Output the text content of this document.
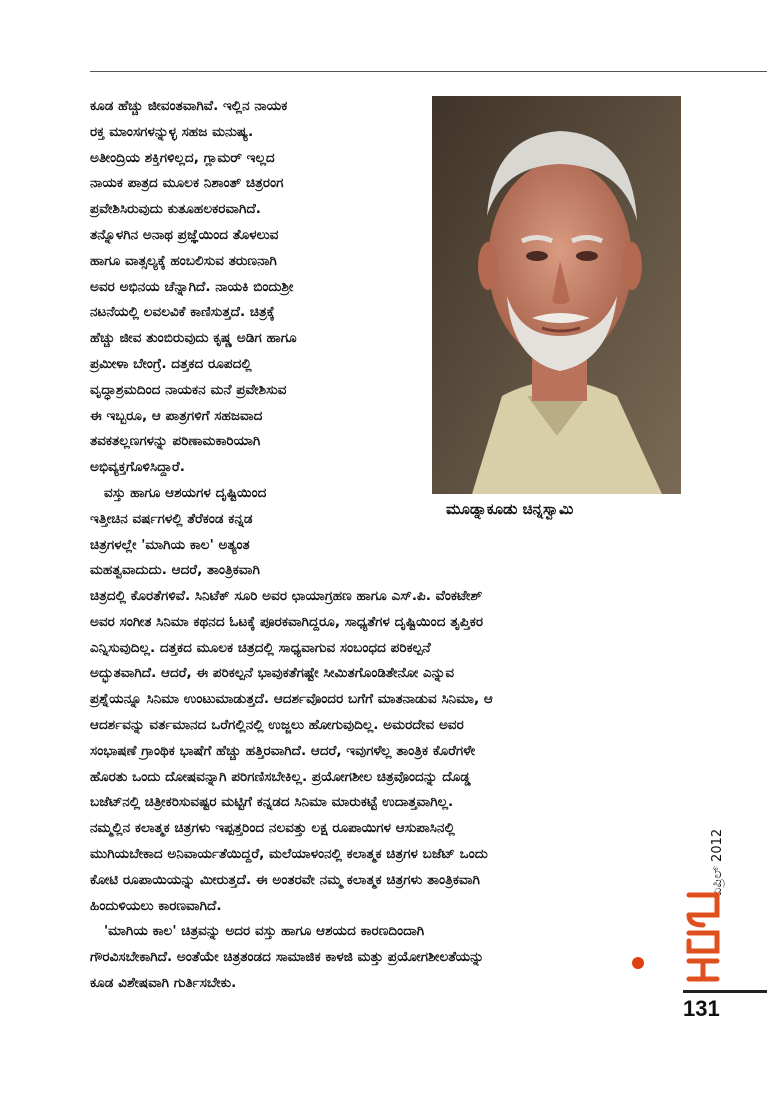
ಕೂಡ ಹೆಚ್ಚು ಜೀವಂತವಾಗಿವೆ. ಇಲ್ಲಿನ ನಾಯಕ
ರಕ್ತ ಮಾಂಸಗಳನ್ನುಳ್ಳ ಸಹಜ ಮನುಷ್ಯ.
ಅತೀಂದ್ರಿಯ ಶಕ್ತಿಗಳಿಲ್ಲದ, ಗ್ಲಾಮರ್ ಇಲ್ಲದ
ನಾಯಕ ಪಾತ್ರದ ಮೂಲಕ ನಿಶಾಂತ್ ಚಿತ್ರರಂಗ
ಪ್ರವೇಶಿಸಿರುವುದು ಕುತೂಹಲಕರವಾಗಿದೆ.
ತನ್ನೊಳಗಿನ ಅನಾಥ ಪ್ರಜ್ಞೆಯಿಂದ ತೊಳಲುವ
ಹಾಗೂ ವಾತ್ಸಲ್ಯಕ್ಕೆ ಹಂಬಲಿಸುವ ತರುಣನಾಗಿ
ಅವರ ಅಭಿನಯ ಚೆನ್ನಾಗಿದೆ. ನಾಯಕಿ ಬಿಂದುಶ್ರೀ
ನಟನೆಯಲ್ಲಿ ಲವಲವಿಕೆ ಕಾಣಿಸುತ್ತದೆ. ಚಿತ್ರಕ್ಕೆ
ಹೆಚ್ಚು ಜೀವ ತುಂಬಿರುವುದು ಕೃಷ್ಣ ಅಡಿಗ ಹಾಗೂ
ಪ್ರಮೀಳಾ ಬೇಂಗ್ರೆ. ದತ್ತಕದ ರೂಪದಲ್ಲಿ
ವೃದ್ಧಾಶ್ರಮದಿಂದ ನಾಯಕನ ಮನೆ ಪ್ರವೇಶಿಸುವ
ಈ ಇಬ್ಬರೂ, ಆ ಪಾತ್ರಗಳಿಗೆ ಸಹಜವಾದ
ತವಕತಲ್ಲಣಗಳನ್ನು ಪರಿಣಾಮಕಾರಿಯಾಗಿ
ಅಭಿವ್ಯಕ್ತಗೊಳಿಸಿದ್ದಾರೆ.
ವಸ್ತು ಹಾಗೂ ಆಶಯಗಳ ದೃಷ್ಟಿಯಿಂದ
ಇತ್ತೀಚಿನ ವರ್ಷಗಳಲ್ಲಿ ತೆರೆಕಂಡ ಕನ್ನಡ
ಚಿತ್ರಗಳಲ್ಲೇ 'ಮಾಗಿಯ ಕಾಲ' ಅತ್ಯಂತ
ಮಹತ್ವವಾದುದು. ಆದರೆ, ತಾಂತ್ರಿಕವಾಗಿ
ಚಿತ್ರದಲ್ಲಿ ಕೊರತೆಗಳಿವೆ. ಸಿನಿಟೆಕ್ ಸೂರಿ ಅವರ ಛಾಯಾಗ್ರಹಣ ಹಾಗೂ ಎಸ್.ಪಿ. ವೆಂಕಟೇಶ್
ಅವರ ಸಂಗೀತ ಸಿನಿಮಾ ಕಥನದ ಓಟಕ್ಕೆ ಪೂರಕವಾಗಿದ್ದರೂ, ಸಾಧ್ಯತೆಗಳ ದೃಷ್ಟಿಯಿಂದ ತೃಪ್ತಿಕರ
ಎನ್ನಿಸುವುದಿಲ್ಲ. ದತ್ತಕದ ಮೂಲಕ ಚಿತ್ರದಲ್ಲಿ ಸಾಧ್ಯವಾಗುವ ಸಂಬಂಧದ ಪರಿಕಲ್ಪನೆ
ಅದ್ಭುತವಾಗಿದೆ. ಆದರೆ, ಈ ಪರಿಕಲ್ಪನೆ ಭಾವುಕತೆಗಷ್ಟೇ ಸೀಮಿತಗೊಂಡಿತೇನೋ ಎನ್ನುವ
ಪ್ರಶ್ನೆಯನ್ನೂ ಸಿನಿಮಾ ಉಂಟುಮಾಡುತ್ತದೆ. ಆದರ್ಶವೊಂದರ ಬಗೆಗೆ ಮಾತನಾಡುವ ಸಿನಿಮಾ, ಆ
ಆದರ್ಶವನ್ನು ವರ್ತಮಾನದ ಒರೆಗಲ್ಲಿನಲ್ಲಿ ಉಜ್ಜಲು ಹೋಗುವುದಿಲ್ಲ. ಅಮರದೇವ ಅವರ
ಸಂಭಾಷಣೆ ಗ್ರಾಂಥಿಕ ಭಾಷೆಗೆ ಹೆಚ್ಚು ಹತ್ತಿರವಾಗಿದೆ. ಆದರೆ, ಇವುಗಳೆಲ್ಲ ತಾಂತ್ರಿಕ ಕೊರೆಗಳೇ
ಹೊರತು ಒಂದು ದೋಷವನ್ನಾಗಿ ಪರಿಗಣಿಸಬೇಕಿಲ್ಲ. ಪ್ರಯೋಗಶೀಲ ಚಿತ್ರವೊಂದನ್ನು ದೊಡ್ಡ
ಬಜೆಟ್‌ನಲ್ಲಿ ಚಿತ್ರೀಕರಿಸುವಷ್ಟರ ಮಟ್ಟಿಗೆ ಕನ್ನಡದ ಸಿನಿಮಾ ಮಾರುಕಟ್ಟೆ ಉದಾತ್ತವಾಗಿಲ್ಲ.
ನಮ್ಮಲ್ಲಿನ ಕಲಾತ್ಮಕ ಚಿತ್ರಗಳು ಇಪ್ಪತ್ತರಿಂದ ನಲವತ್ತು ಲಕ್ಷ ರೂಪಾಯಿಗಳ ಆಸುಪಾಸಿನಲ್ಲಿ
ಮುಗಿಯಬೇಕಾದ ಅನಿವಾರ್ಯತೆಯಿದ್ದರೆ, ಮಲೆಯಾಳಂನಲ್ಲಿ ಕಲಾತ್ಮಕ ಚಿತ್ರಗಳ ಬಜೆಟ್ ಒಂದು
ಕೋಟಿ ರೂಪಾಯಿಯನ್ನು ಮೀರುತ್ತದೆ. ಈ ಅಂತರವೇ ನಮ್ಮ ಕಲಾತ್ಮಕ ಚಿತ್ರಗಳು ತಾಂತ್ರಿಕವಾಗಿ
ಹಿಂದುಳಿಯಲು ಕಾರಣವಾಗಿದೆ.
'ಮಾಗಿಯ ಕಾಲ' ಚಿತ್ರವನ್ನು ಅದರ ವಸ್ತು ಹಾಗೂ ಆಶಯದ ಕಾರಣದಿಂದಾಗಿ
ಗೌರವಿಸಬೇಕಾಗಿದೆ. ಅಂತೆಯೇ ಚಿತ್ರತಂಡದ ಸಾಮಾಜಿಕ ಕಾಳಜಿ ಮತ್ತು ಪ್ರಯೋಗಶೀಲತೆಯನ್ನು
ಕೂಡ ವಿಶೇಷವಾಗಿ ಗುರ್ತಿಸಬೇಕು.
ಮೂಡ್ನಾಕೂಡು ಚಿನ್ನಸ್ವಾಮಿ
ಏಪ್ರಿಲ್ 2012
131
